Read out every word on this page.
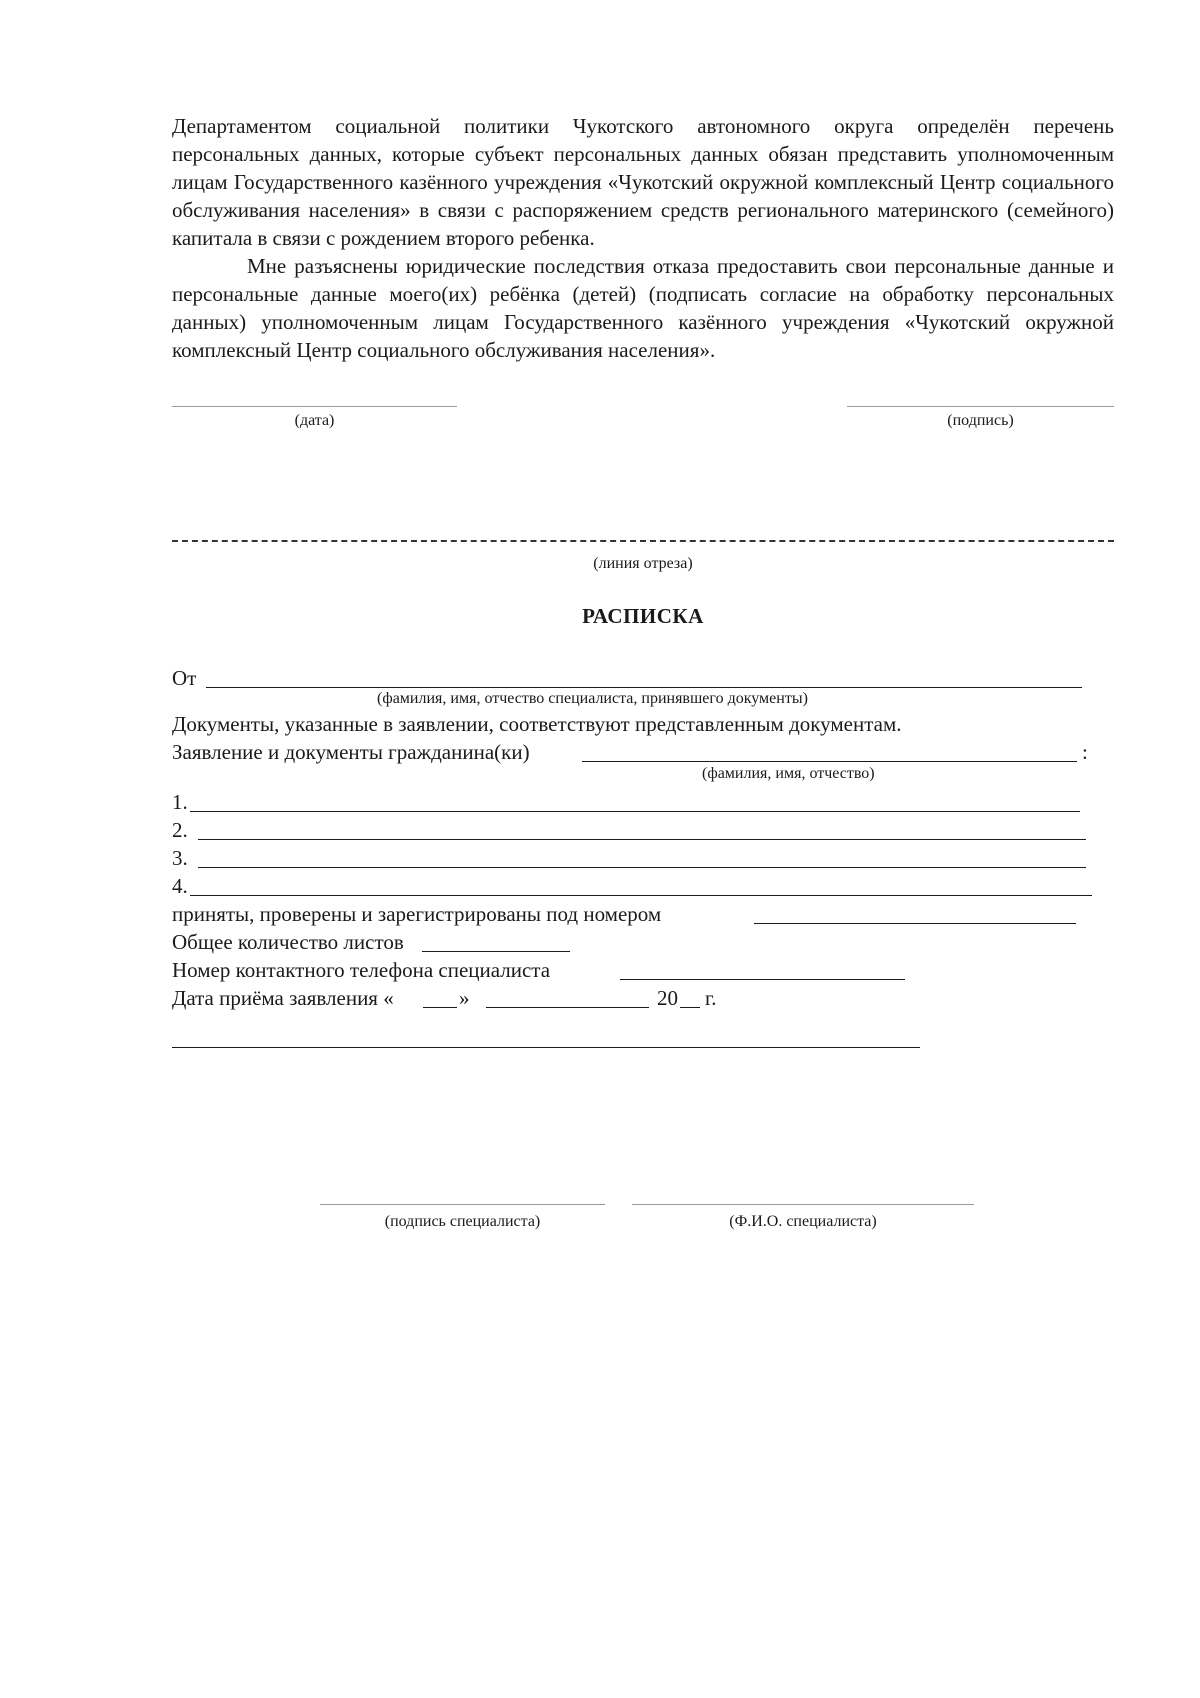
Департаментом социальной политики Чукотского автономного округа определён перечень персональных данных, которые субъект персональных данных обязан представить уполномоченным лицам Государственного казённого учреждения «Чукотский окружной комплексный Центр социального обслуживания населения» в связи с распоряжением средств регионального материнского (семейного) капитала в связи с рождением второго ребенка.

Мне разъяснены юридические последствия отказа предоставить свои персональные данные и персональные данные моего(их) ребёнка (детей) (подписать согласие на обработку персональных данных) уполномоченным лицам Государственного казённого учреждения «Чукотский окружной комплексный Центр социального обслуживания населения».

(дата)	(подпись)
(линия отреза)
РАСПИСКА
От
(фамилия, имя, отчество специалиста, принявшего документы)
Документы, указанные в заявлении, соответствуют представленным документам.
Заявление и документы гражданина(ки)	:
(фамилия, имя, отчество)
1.
2.
3.
4.
приняты, проверены и зарегистрированы под номером
Общее количество листов
Номер контактного телефона специалиста
Дата приёма заявления «	»	20 г.
(подпись специалиста)	(Ф.И.О. специалиста)
